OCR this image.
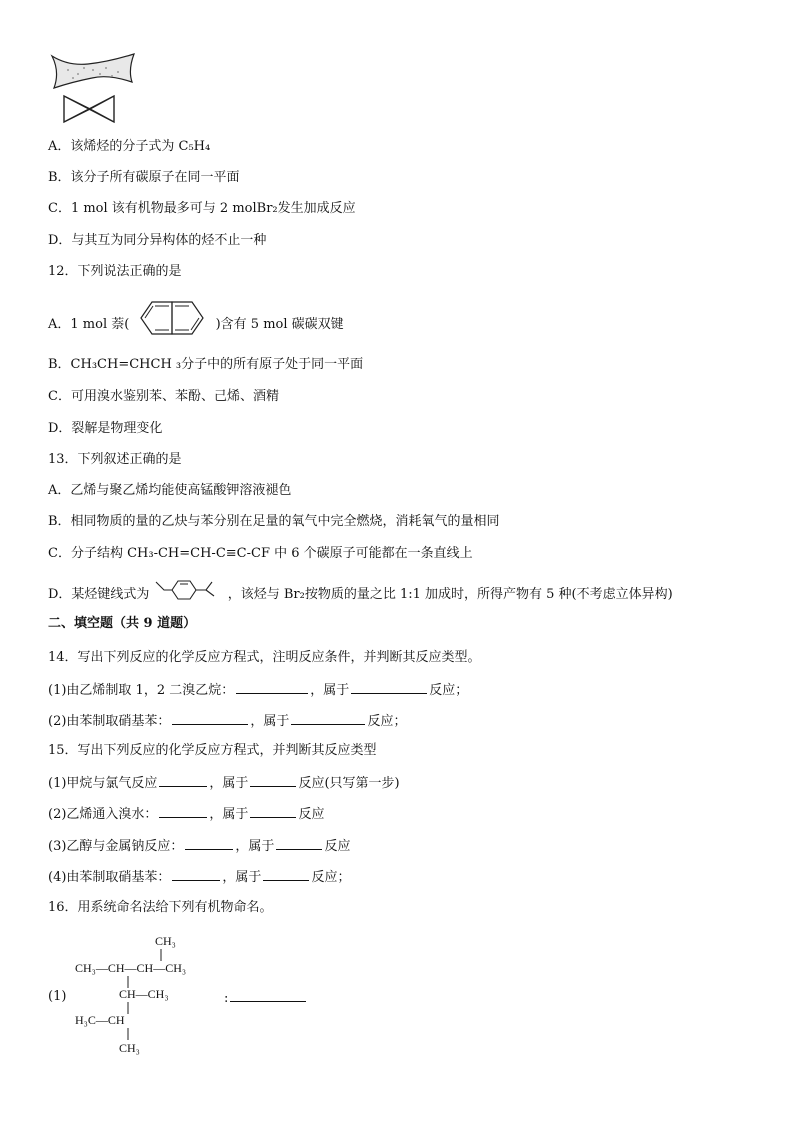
A．该烯烃的分子式为 C₅H₄
B．该分子所有碳原子在同一平面
C．1 mol 该有机物最多可与 2 molBr₂发生加成反应
D．与其互为同分异构体的烃不止一种
12．下列说法正确的是
A．1 mol 萘(	)含有 5 mol 碳碳双键
B．CH₃CH=CHCH ₃分子中的所有原子处于同一平面
C．可用溴水鉴别苯、苯酚、己烯、酒精
D．裂解是物理变化
13．下列叙述正确的是
A．乙烯与聚乙烯均能使高锰酸钾溶液褪色
B．相同物质的量的乙炔与苯分别在足量的氧气中完全燃烧，消耗氧气的量相同
C．分子结构 CH₃-CH=CH-C≡C-CF 中 6 个碳原子可能都在一条直线上
D．某烃键线式为	，该烃与 Br₂按物质的量之比 1:1 加成时，所得产物有 5 种(不考虑立体异构)
二、填空题（共 9 道题）
14．写出下列反应的化学反应方程式，注明反应条件，并判断其反应类型。
(1)由乙烯制取 1，2 二溴乙烷：	，属于	反应；
(2)由苯制取硝基苯：	，属于	反应；
15．写出下列反应的化学反应方程式，并判断其反应类型
(1)甲烷与氯气反应	，属于	反应(只写第一步)
(2)乙烯通入溴水：	，属于	反应
(3)乙醇与金属钠反应：	，属于	反应
(4)由苯制取硝基苯：	，属于	反应；
16．用系统命名法给下列有机物命名。
CH₃
CH₃—CH—CH—CH₃
(1)	CH—CH₃	:
H₃C—CH
CH₃
